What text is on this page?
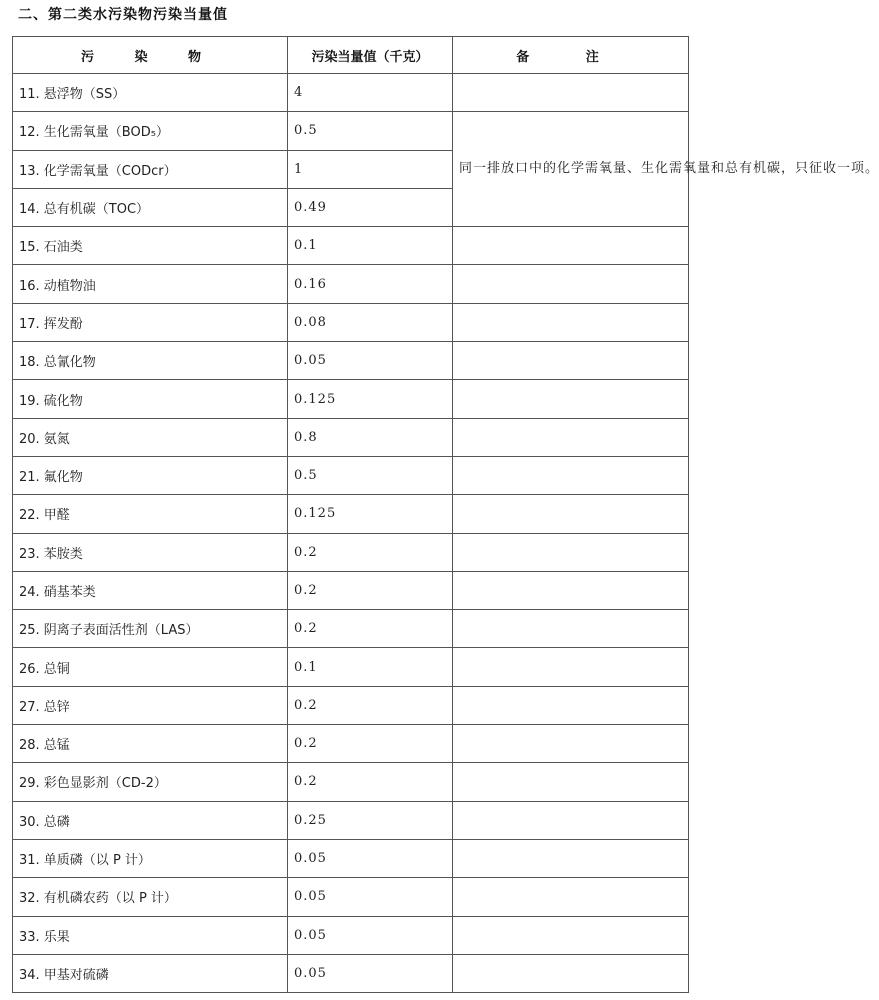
二、第二类水污染物污染当量值
污 染 物	污染当量值（千克）	备 注
11. 悬浮物（SS）	4	
12. 生化需氧量（BOD₅）	0.5	同一排放口中的化学需氧量、生化需氧量和总有机碳，只征收一项。
13. 化学需氧量（CODcr）	1	
14. 总有机碳（TOC）	0.49	
15. 石油类	0.1	
16. 动植物油	0.16	
17. 挥发酚	0.08	
18. 总氰化物	0.05	
19. 硫化物	0.125	
20. 氨氮	0.8	
21. 氟化物	0.5	
22. 甲醛	0.125	
23. 苯胺类	0.2	
24. 硝基苯类	0.2	
25. 阴离子表面活性剂（LAS）	0.2	
26. 总铜	0.1	
27. 总锌	0.2	
28. 总锰	0.2	
29. 彩色显影剂（CD-2）	0.2	
30. 总磷	0.25	
31. 单质磷（以 P 计）	0.05	
32. 有机磷农药（以 P 计）	0.05	
33. 乐果	0.05	
34. 甲基对硫磷	0.05	
